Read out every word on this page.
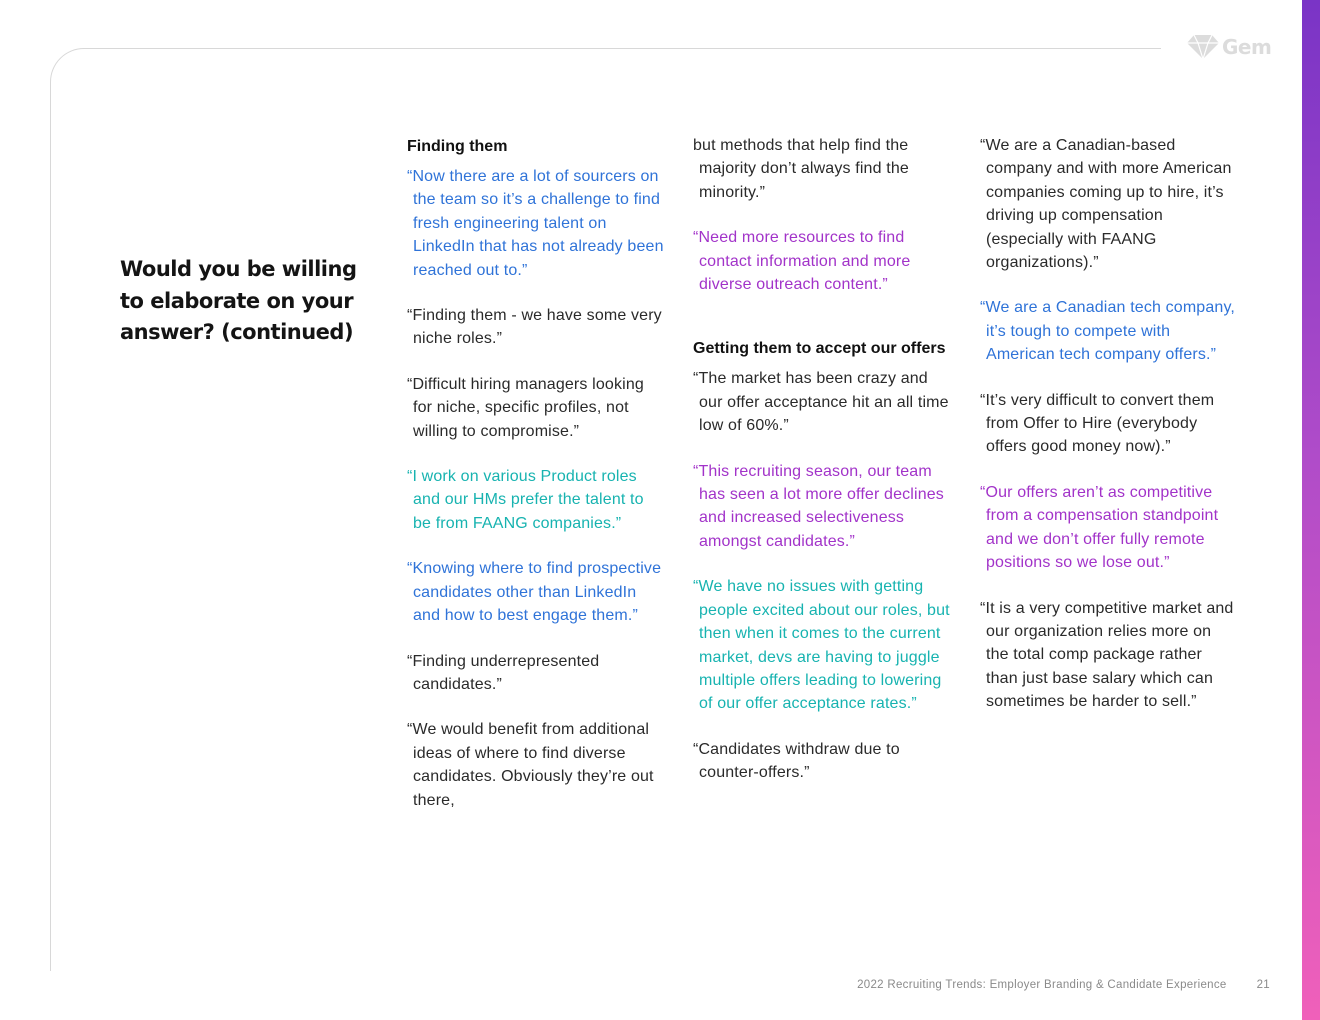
Gem
Would you be willing to elaborate on your answer? (continued)
Finding them

“Now there are a lot of sourcers on the team so it’s a challenge to find fresh engineering talent on LinkedIn that has not already been reached out to.”

“Finding them - we have some very niche roles.”

“Difficult hiring managers looking for niche, specific profiles, not willing to compromise.”

“I work on various Product roles and our HMs prefer the talent to be from FAANG companies.”

“Knowing where to find prospective candidates other than LinkedIn and how to best engage them.”

“Finding underrepresented candidates.”

“We would benefit from additional ideas of where to find diverse candidates. Obviously they’re out there,

but methods that help find the majority don’t always find the minority.”

“Need more resources to find contact information and more diverse outreach content.”

Getting them to accept our offers

“The market has been crazy and our offer acceptance hit an all time low of 60%.”

“This recruiting season, our team has seen a lot more offer declines and increased selectiveness amongst candidates.”

“We have no issues with getting people excited about our roles, but then when it comes to the current market, devs are having to juggle multiple offers leading to lowering of our offer acceptance rates.”

“Candidates withdraw due to counter-offers.”

“We are a Canadian-based company and with more American companies coming up to hire, it’s driving up compensation (especially with FAANG organizations).”

“We are a Canadian tech company, it’s tough to compete with American tech company offers.”

“It’s very difficult to convert them from Offer to Hire (everybody offers good money now).”

“Our offers aren’t as competitive from a compensation standpoint and we don’t offer fully remote positions so we lose out.”

“It is a very competitive market and our organization relies more on the total comp package rather than just base salary which can sometimes be harder to sell.”

2022 Recruiting Trends: Employer Branding & Candidate Experience	21
